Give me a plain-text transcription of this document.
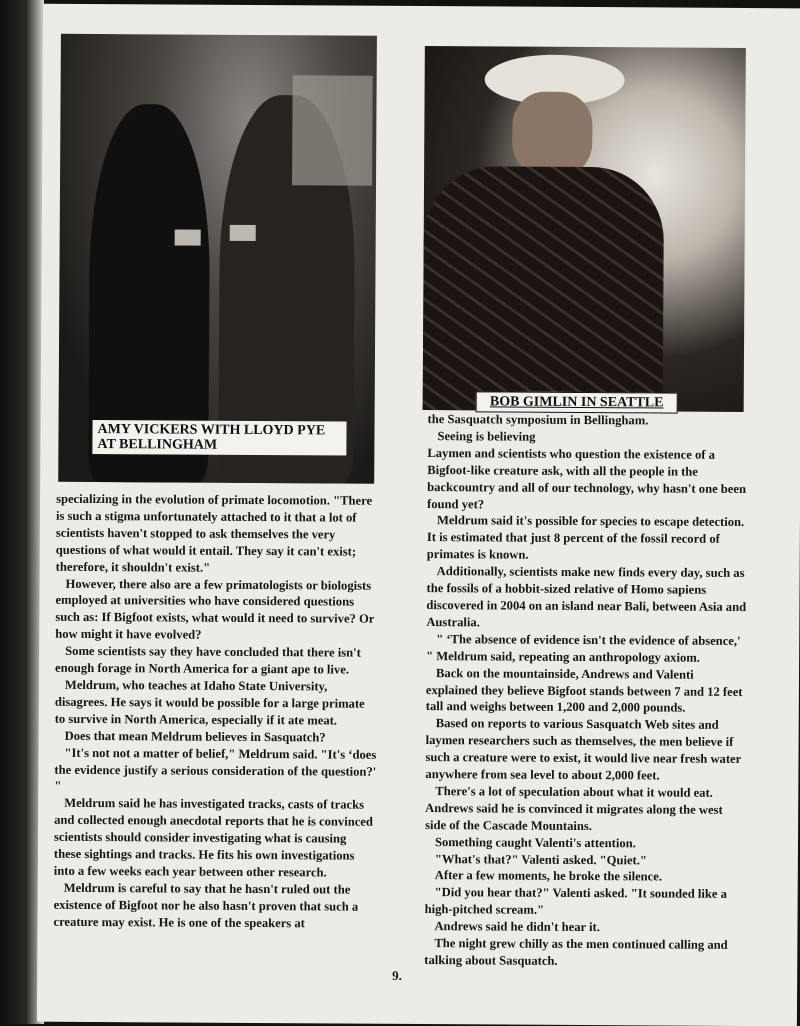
AMY VICKERS WITH LLOYD PYE AT BELLINGHAM
BOB GIMLIN IN SEATTLE

specializing in the evolution of primate locomotion. "There is such a stigma unfortunately attached to it that a lot of scientists haven't stopped to ask themselves the very questions of what would it entail. They say it can't exist; therefore, it shouldn't exist."

However, there also are a few primatologists or biologists employed at universities who have considered questions such as: If Bigfoot exists, what would it need to survive? Or how might it have evolved?

Some scientists say they have concluded that there isn't enough forage in North America for a giant ape to live.

Meldrum, who teaches at Idaho State University, disagrees. He says it would be possible for a large primate to survive in North America, especially if it ate meat.

Does that mean Meldrum believes in Sasquatch?

"It's not not a matter of belief," Meldrum said. "It's ‘does the evidence justify a serious consideration of the question?' "

Meldrum said he has investigated tracks, casts of tracks and collected enough anecdotal reports that he is convinced scientists should consider investigating what is causing these sightings and tracks. He fits his own investigations into a few weeks each year between other research.

Meldrum is careful to say that he hasn't ruled out the existence of Bigfoot nor he also hasn't proven that such a creature may exist. He is one of the speakers at

the Sasquatch symposium in Bellingham.

Seeing is believing

Laymen and scientists who question the existence of a Bigfoot-like creature ask, with all the people in the backcountry and all of our technology, why hasn't one been found yet?

Meldrum said it's possible for species to escape detection. It is estimated that just 8 percent of the fossil record of primates is known.

Additionally, scientists make new finds every day, such as the fossils of a hobbit-sized relative of Homo sapiens discovered in 2004 on an island near Bali, between Asia and Australia.

" ‘The absence of evidence isn't the evidence of absence,' " Meldrum said, repeating an anthropology axiom.

Back on the mountainside, Andrews and Valenti explained they believe Bigfoot stands between 7 and 12 feet tall and weighs between 1,200 and 2,000 pounds.

Based on reports to various Sasquatch Web sites and laymen researchers such as themselves, the men believe if such a creature were to exist, it would live near fresh water anywhere from sea level to about 2,000 feet.

There's a lot of speculation about what it would eat. Andrews said he is convinced it migrates along the west side of the Cascade Mountains.

Something caught Valenti's attention.

"What's that?" Valenti asked. "Quiet."

After a few moments, he broke the silence.

"Did you hear that?" Valenti asked. "It sounded like a high-pitched scream."

Andrews said he didn't hear it.

The night grew chilly as the men continued calling and talking about Sasquatch.

9.
